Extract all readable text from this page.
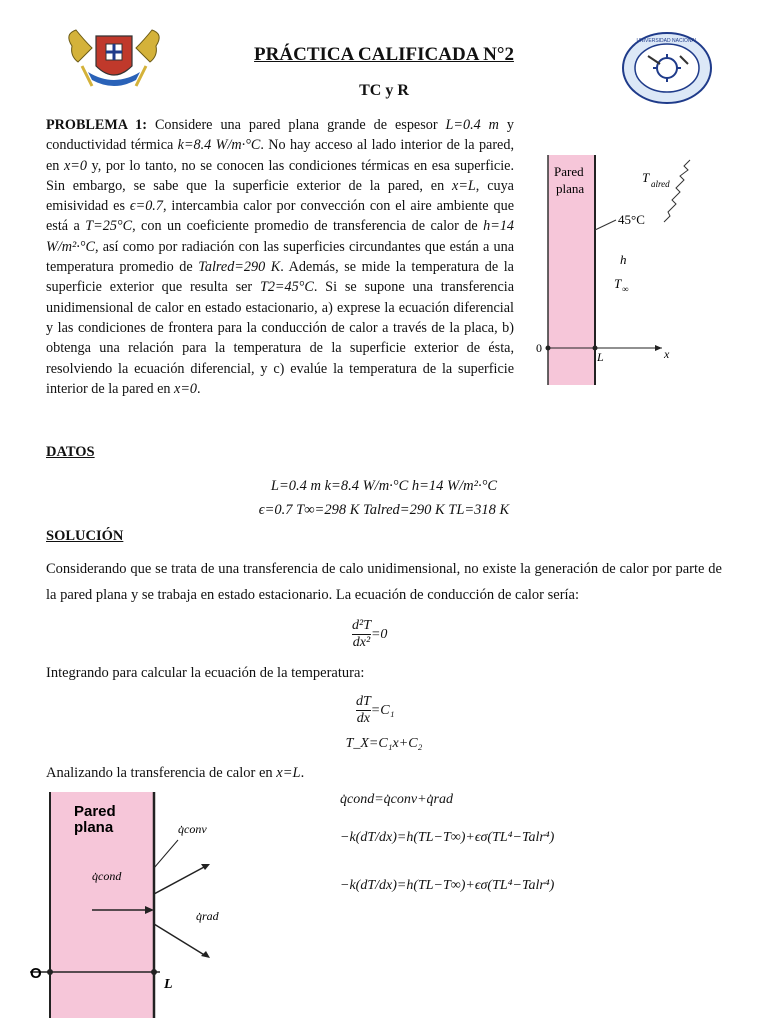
UNIVERSIDAD NACIONAL
PRÁCTICA CALIFICADA N°2
TC y R
PROBLEMA 1: Considere una pared plana grande de espesor L=0.4 m y conductividad térmica k=8.4 W/m·°C. No hay acceso al lado interior de la pared, en x=0 y, por lo tanto, no se conocen las condiciones térmicas en esa superficie. Sin embargo, se sabe que la superficie exterior de la pared, en x=L, cuya emisividad es ϵ=0.7, intercambia calor por convección con el aire ambiente que está a T=25°C, con un coeficiente promedio de transferencia de calor de h=14 W/m²·°C, así como por radiación con las superficies circundantes que están a una temperatura promedio de Talred=290 K. Además, se mide la temperatura de la superficie exterior que resulta ser T2=45°C. Si se supone una transferencia unidimensional de calor en estado estacionario, a) exprese la ecuación diferencial y las condiciones de frontera para la conducción de calor a través de la placa, b) obtenga una relación para la temperatura de la superficie exterior de ésta, resolviendo la ecuación diferencial, y c) evalúe la temperatura de la superficie interior de la pared en x=0.
Pared
plana
T alred
45°C
h
T ∞
0
L	x
DATOS
L=0.4 m k=8.4 W/m·°C h=14 W/m²·°C
ϵ=0.7 T∞=298 K Talred=290 K TL=318 K
SOLUCIÓN
Considerando que se trata de una transferencia de calo unidimensional, no existe la generación de calor por parte de la pared plana y se trabaja en estado estacionario. La ecuación de conducción de calor sería:
$\frac{\text{d²T}}{\text{dx²}} =0$
Integrando para calcular la ecuación de la temperatura:
$\frac{dT}{dx} =C_1$
T_X=C₁x+C₂
Analizando la transferencia de calor en x=L.
Pared
plana	q̇conv
q̇cond
q̇rad
O
L
q̇cond=q̇conv+q̇rad
−k(dT/dx)=h(TL−T∞)+ϵσ(TL⁴−Talr⁴)
−k(dT/dx)=h(TL−T∞)+ϵσ(TL⁴−Talr⁴)
